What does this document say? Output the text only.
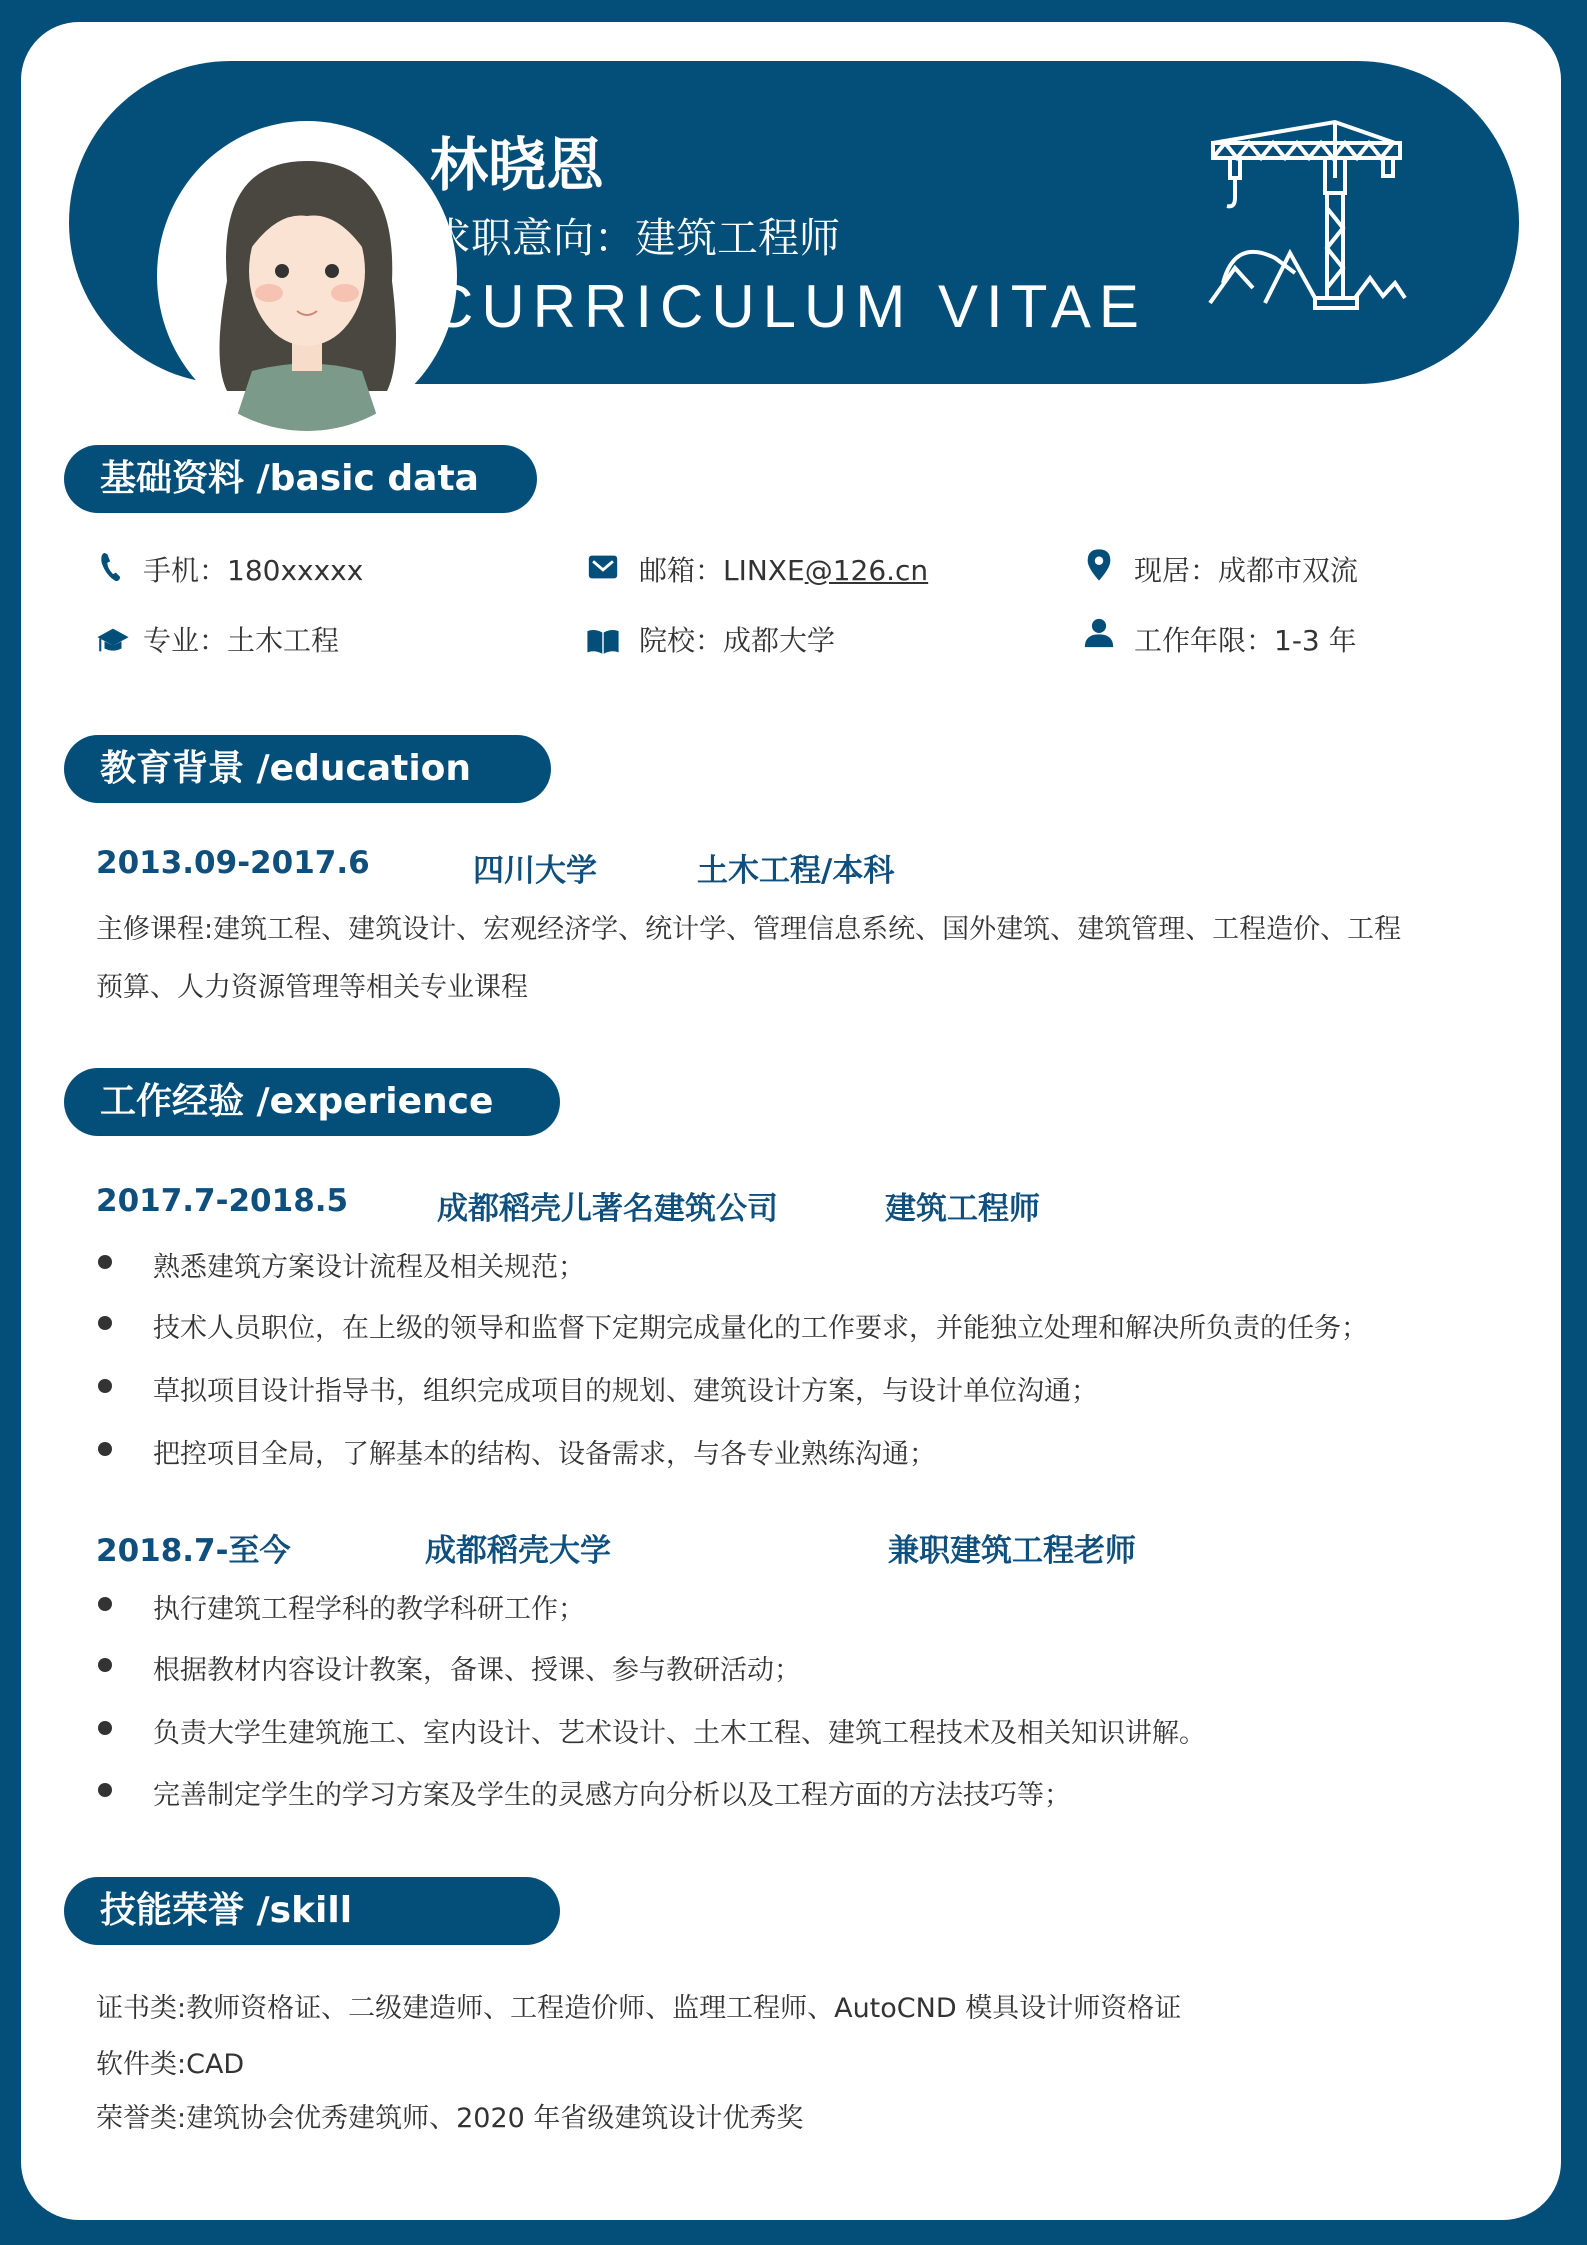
林晓恩
求职意向：建筑工程师
CURRICULUM VITAE
基础资料 /basic data
手机：180xxxxx	邮箱：LINXE@126.cn	现居：成都市双流
专业：土木工程	院校：成都大学	工作年限：1-3 年
教育背景 /education
2013.09-2017.6	四川大学	土木工程/本科
主修课程:建筑工程、建筑设计、宏观经济学、统计学、管理信息系统、国外建筑、建筑管理、工程造价、工程
预算、人力资源管理等相关专业课程
工作经验 /experience
2017.7-2018.5	成都稻壳儿著名建筑公司	建筑工程师
熟悉建筑方案设计流程及相关规范；
技术人员职位，在上级的领导和监督下定期完成量化的工作要求，并能独立处理和解决所负责的任务；
草拟项目设计指导书，组织完成项目的规划、建筑设计方案，与设计单位沟通；
把控项目全局，了解基本的结构、设备需求，与各专业熟练沟通；
2018.7-至今	成都稻壳大学	兼职建筑工程老师
执行建筑工程学科的教学科研工作；
根据教材内容设计教案，备课、授课、参与教研活动；
负责大学生建筑施工、室内设计、艺术设计、土木工程、建筑工程技术及相关知识讲解。
完善制定学生的学习方案及学生的灵感方向分析以及工程方面的方法技巧等；
技能荣誉 /skill
证书类:教师资格证、二级建造师、工程造价师、监理工程师、AutoCND 模具设计师资格证
软件类:CAD
荣誉类:建筑协会优秀建筑师、2020 年省级建筑设计优秀奖
